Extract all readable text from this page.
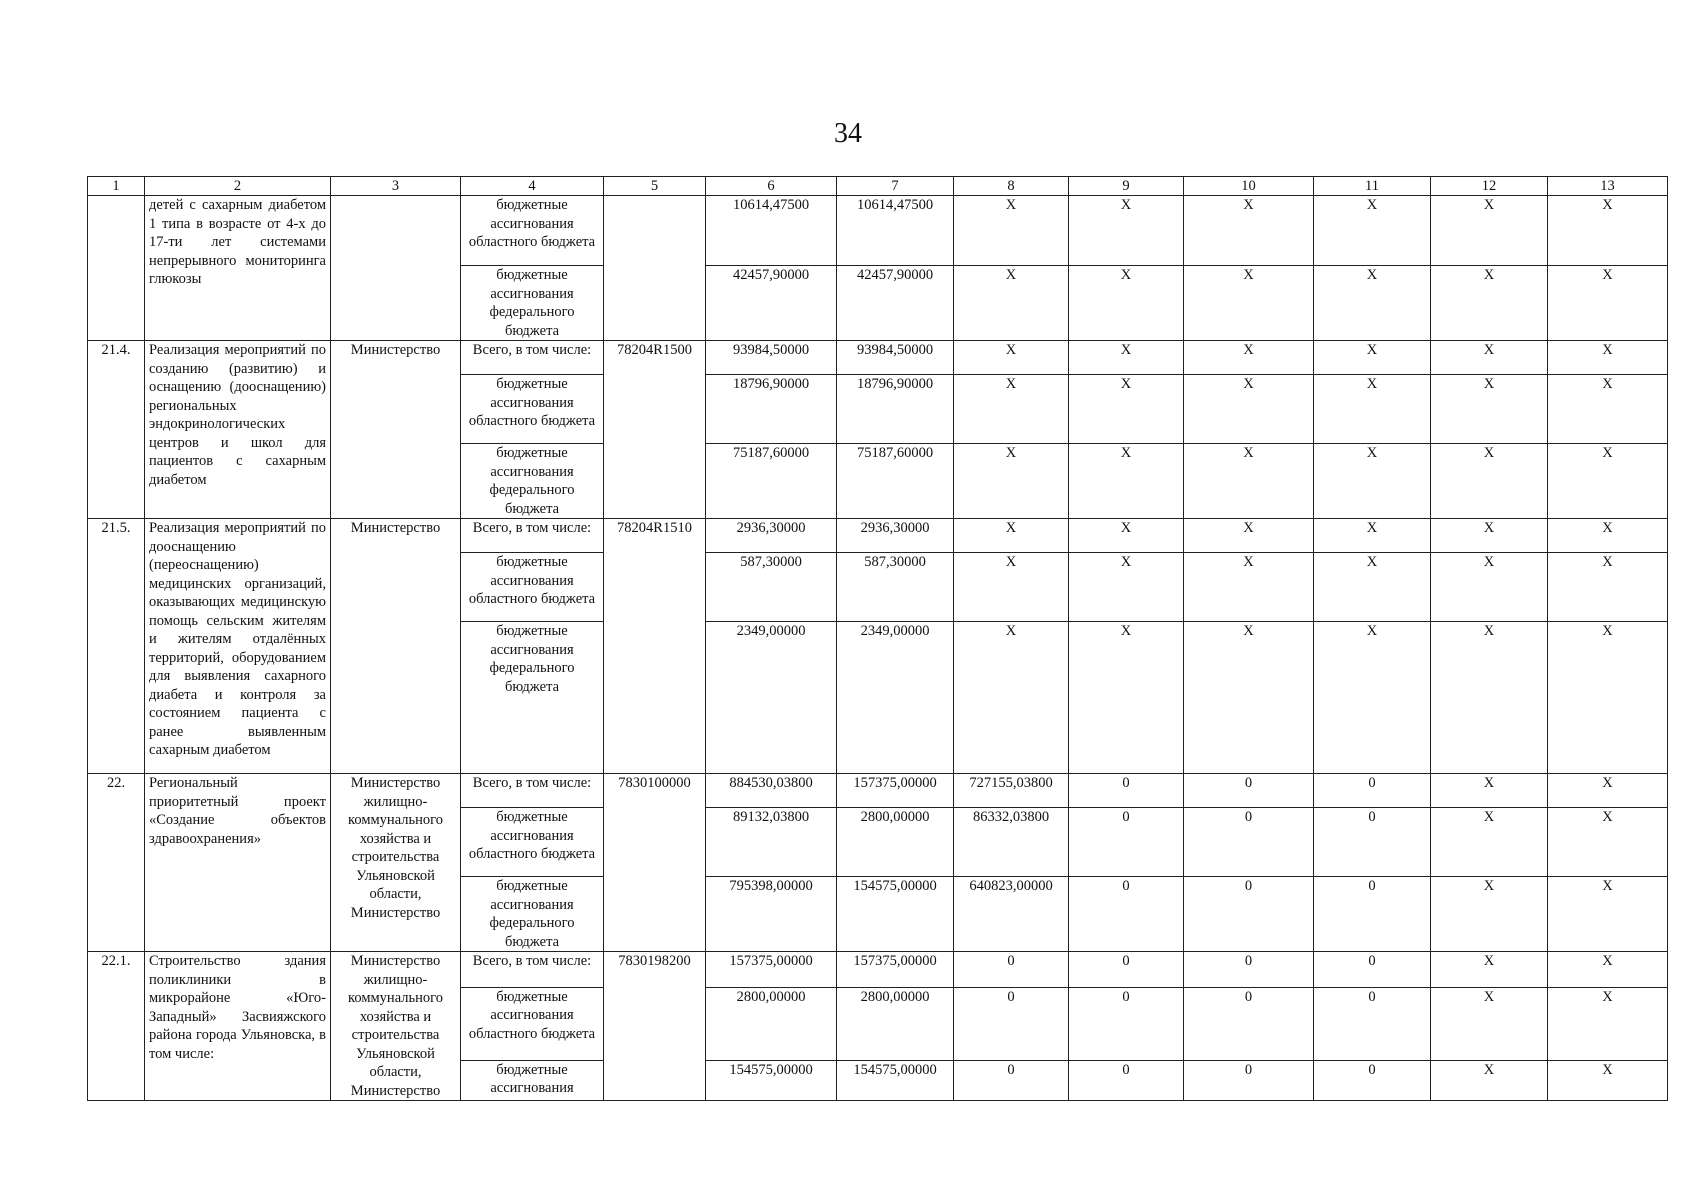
34
1	2	3	4	5	6	7	8	9	10	11	12	13
	детей с сахарным диабетом 1 типа в возрасте от 4-х до 17-ти лет системами непрерывного мониторинга глюкозы		бюджетные ассигнования областного бюджета		10614,47500	10614,47500	X	X	X	X	X	X
			бюджетные ассигнования федерального бюджета		42457,90000	42457,90000	X	X	X	X	X	X
21.4.	Реализация мероприятий по созданию (развитию) и оснащению (дооснащению) региональных эндокринологических центров и школ для пациентов с сахарным диабетом	Министерство	Всего, в том числе:	78204R1500	93984,50000	93984,50000	X	X	X	X	X	X
			бюджетные ассигнования областного бюджета		18796,90000	18796,90000	X	X	X	X	X	X
			бюджетные ассигнования федерального бюджета		75187,60000	75187,60000	X	X	X	X	X	X
21.5.	Реализация мероприятий по дооснащению (переоснащению) медицинских организаций, оказывающих медицинскую помощь сельским жителям и жителям отдалённых территорий, оборудованием для выявления сахарного диабета и контроля за состоянием пациента с ранее выявленным сахарным диабетом	Министерство	Всего, в том числе:	78204R1510	2936,30000	2936,30000	X	X	X	X	X	X
			бюджетные ассигнования областного бюджета		587,30000	587,30000	X	X	X	X	X	X
			бюджетные ассигнования федерального бюджета		2349,00000	2349,00000	X	X	X	X	X	X
22.	Региональный приоритетный проект «Создание объектов здравоохранения»	Министерство жилищно-коммунального хозяйства и строительства Ульяновской области, Министерство	Всего, в том числе:	7830100000	884530,03800	157375,00000	727155,03800	0	0	0	X	X
			бюджетные ассигнования областного бюджета		89132,03800	2800,00000	86332,03800	0	0	0	X	X
			бюджетные ассигнования федерального бюджета		795398,00000	154575,00000	640823,00000	0	0	0	X	X
22.1.	Строительство здания поликлиники в микрорайоне «Юго-Западный» Засвияжского района города Ульяновска, в том числе:	Министерство жилищно-коммунального хозяйства и строительства Ульяновской области, Министерство	Всего, в том числе:	7830198200	157375,00000	157375,00000	0	0	0	0	X	X
			бюджетные ассигнования областного бюджета		2800,00000	2800,00000	0	0	0	0	X	X
			бюджетные ассигнования		154575,00000	154575,00000	0	0	0	0	X	X
